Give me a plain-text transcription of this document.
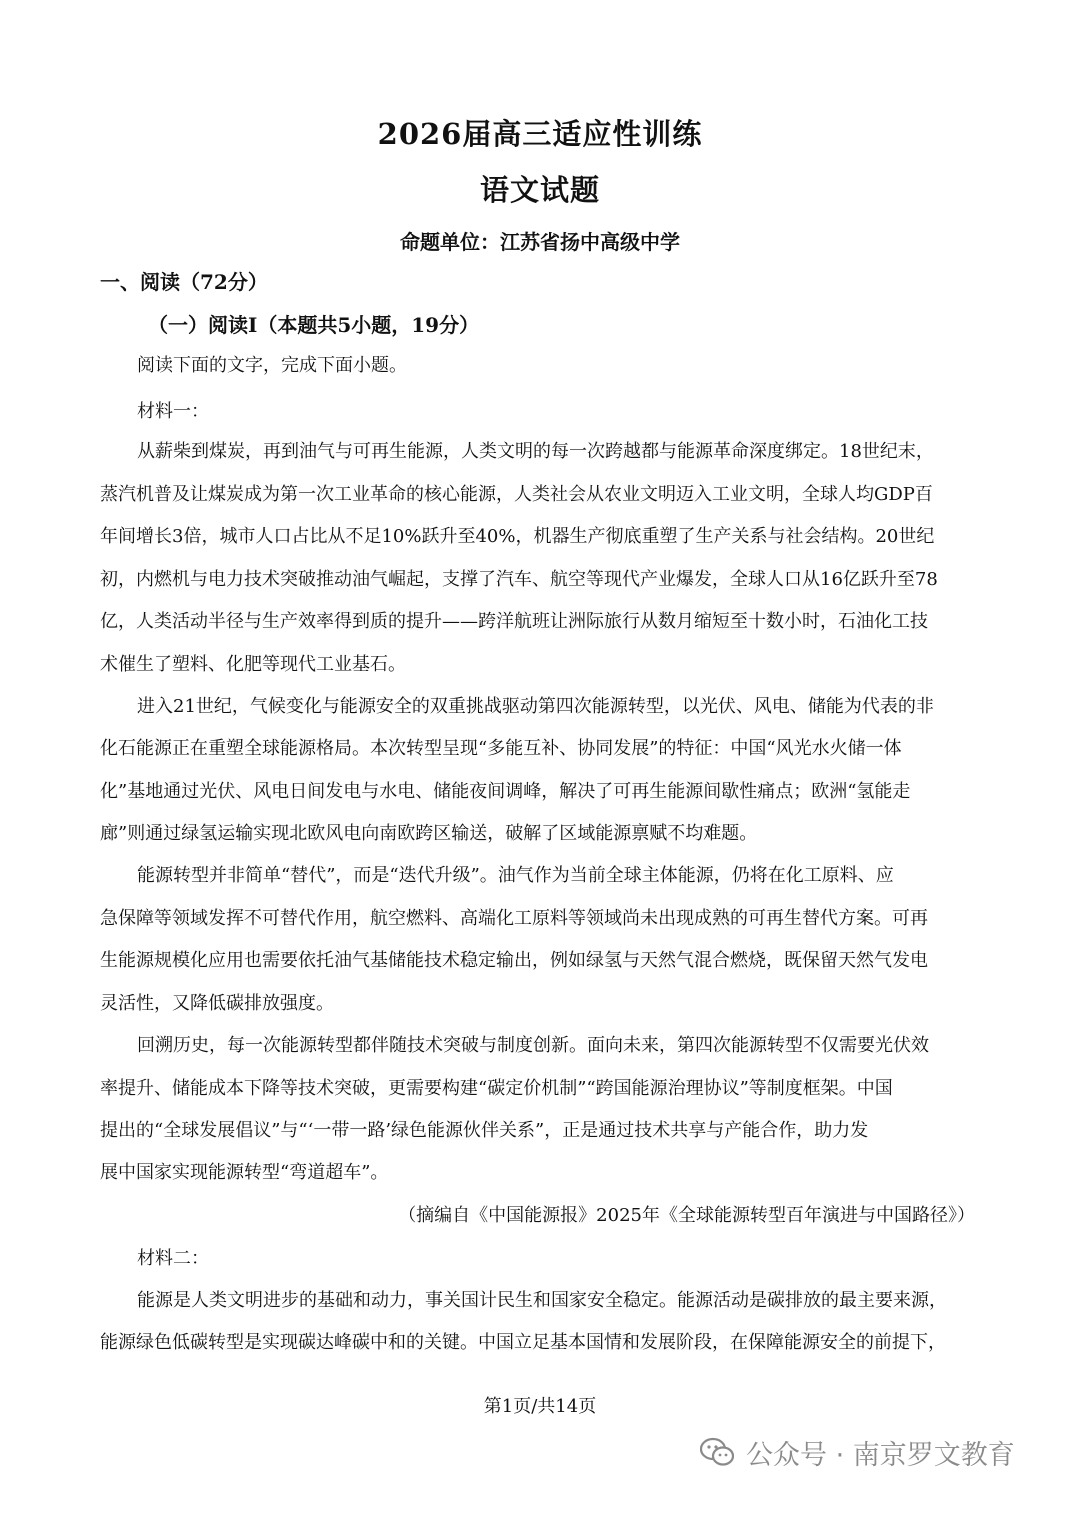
2026届高三适应性训练
语文试题
命题单位：江苏省扬中高级中学
一、阅读（72分）
（一）阅读Ⅰ（本题共5小题，19分）
阅读下面的文字，完成下面小题。
材料一：
从薪柴到煤炭，再到油气与可再生能源，人类文明的每一次跨越都与能源革命深度绑定。18世纪末，
蒸汽机普及让煤炭成为第一次工业革命的核心能源，人类社会从农业文明迈入工业文明，全球人均GDP百
年间增长3倍，城市人口占比从不足10%跃升至40%，机器生产彻底重塑了生产关系与社会结构。20世纪
初，内燃机与电力技术突破推动油气崛起，支撑了汽车、航空等现代产业爆发，全球人口从16亿跃升至78
亿，人类活动半径与生产效率得到质的提升——跨洋航班让洲际旅行从数月缩短至十数小时，石油化工技
术催生了塑料、化肥等现代工业基石。
进入21世纪，气候变化与能源安全的双重挑战驱动第四次能源转型，以光伏、风电、储能为代表的非
化石能源正在重塑全球能源格局。本次转型呈现“多能互补、协同发展”的特征：中国“风光水火储一体
化”基地通过光伏、风电日间发电与水电、储能夜间调峰，解决了可再生能源间歇性痛点；欧洲“氢能走
廊”则通过绿氢运输实现北欧风电向南欧跨区输送，破解了区域能源禀赋不均难题。
能源转型并非简单“替代”，而是“迭代升级”。油气作为当前全球主体能源，仍将在化工原料、应
急保障等领域发挥不可替代作用，航空燃料、高端化工原料等领域尚未出现成熟的可再生替代方案。可再
生能源规模化应用也需要依托油气基储能技术稳定输出，例如绿氢与天然气混合燃烧，既保留天然气发电
灵活性，又降低碳排放强度。
回溯历史，每一次能源转型都伴随技术突破与制度创新。面向未来，第四次能源转型不仅需要光伏效
率提升、储能成本下降等技术突破，更需要构建“碳定价机制”“跨国能源治理协议”等制度框架。中国
提出的“全球发展倡议”与“‘一带一路’绿色能源伙伴关系”，正是通过技术共享与产能合作，助力发
展中国家实现能源转型“弯道超车”。
（摘编自《中国能源报》2025年《全球能源转型百年演进与中国路径》）
材料二：
能源是人类文明进步的基础和动力，事关国计民生和国家安全稳定。能源活动是碳排放的最主要来源，
能源绿色低碳转型是实现碳达峰碳中和的关键。中国立足基本国情和发展阶段，在保障能源安全的前提下，
第1页/共14页
公众号 · 南京罗文教育
